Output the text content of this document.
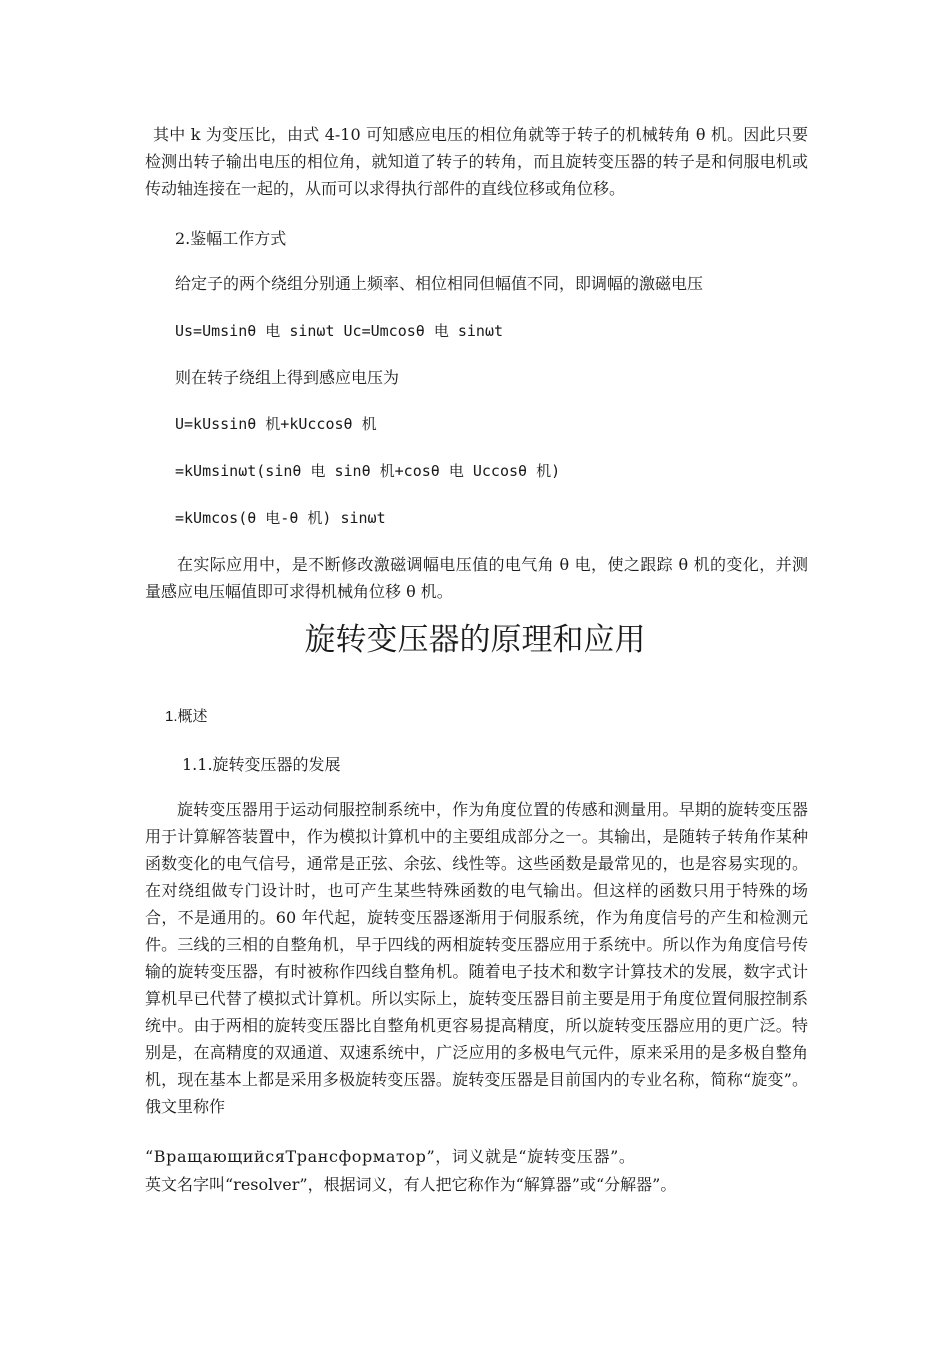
其中 k 为变压比，由式 4-10 可知感应电压的相位角就等于转子的机械转角 θ 机。因此只要检测出转子输出电压的相位角，就知道了转子的转角，而且旋转变压器的转子是和伺服电机或传动轴连接在一起的，从而可以求得执行部件的直线位移或角位移。

2.鉴幅工作方式

给定子的两个绕组分别通上频率、相位相同但幅值不同，即调幅的激磁电压

Us=Umsinθ 电 sinωt Uc=Umcosθ 电 sinωt

则在转子绕组上得到感应电压为

U=kUssinθ 机+kUccosθ 机

=kUmsinωt(sinθ 电 sinθ 机+cosθ 电 Uccosθ 机)

=kUmcos(θ 电-θ 机) sinωt

在实际应用中，是不断修改激磁调幅电压值的电气角 θ 电，使之跟踪 θ 机的变化，并测量感应电压幅值即可求得机械角位移 θ 机。

旋转变压器的原理和应用

1.概述

1.1.旋转变压器的发展

旋转变压器用于运动伺服控制系统中，作为角度位置的传感和测量用。早期的旋转变压器用于计算解答装置中，作为模拟计算机中的主要组成部分之一。其输出，是随转子转角作某种函数变化的电气信号，通常是正弦、余弦、线性等。这些函数是最常见的，也是容易实现的。在对绕组做专门设计时，也可产生某些特殊函数的电气输出。但这样的函数只用于特殊的场合，不是通用的。60 年代起，旋转变压器逐渐用于伺服系统，作为角度信号的产生和检测元件。三线的三相的自整角机，早于四线的两相旋转变压器应用于系统中。所以作为角度信号传输的旋转变压器，有时被称作四线自整角机。随着电子技术和数字计算技术的发展，数字式计算机早已代替了模拟式计算机。所以实际上，旋转变压器目前主要是用于角度位置伺服控制系统中。由于两相的旋转变压器比自整角机更容易提高精度，所以旋转变压器应用的更广泛。特别是，在高精度的双通道、双速系统中，广泛应用的多极电气元件，原来采用的是多极自整角机，现在基本上都是采用多极旋转变压器。旋转变压器是目前国内的专业名称，简称“旋变”。俄文里称作

“ВращающийсяТрансформатор”，词义就是“旋转变压器”。

英文名字叫“resolver”，根据词义，有人把它称作为“解算器”或“分解器”。
